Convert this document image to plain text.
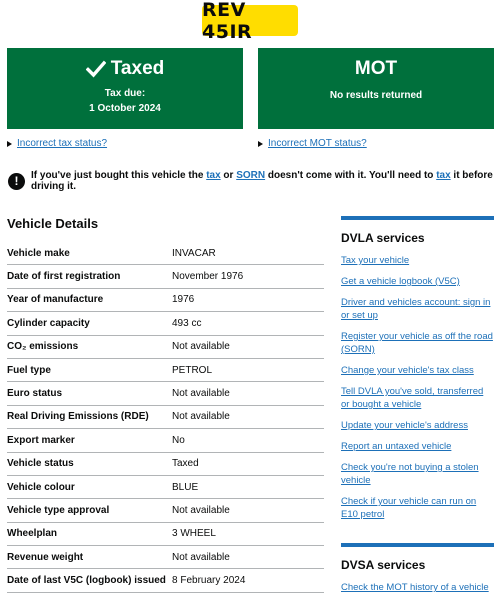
REV 45IR
Taxed
Tax due:
1 October 2024
MOT
No results returned
Incorrect tax status?	Incorrect MOT status?
!	If you've just bought this vehicle the tax or SORN doesn't come with it. You'll need to tax it before driving it.
Vehicle Details
Vehicle make	INVACAR
Date of first registration	November 1976
Year of manufacture	1976
Cylinder capacity	493 cc
CO₂ emissions	Not available
Fuel type	PETROL
Euro status	Not available
Real Driving Emissions (RDE)	Not available
Export marker	No
Vehicle status	Taxed
Vehicle colour	BLUE
Vehicle type approval	Not available
Wheelplan	3 WHEEL
Revenue weight	Not available
Date of last V5C (logbook) issued	8 February 2024
DVLA services
Tax your vehicle
Get a vehicle logbook (V5C)
Driver and vehicles account: sign in or set up
Register your vehicle as off the road (SORN)
Change your vehicle's tax class
Tell DVLA you've sold, transferred or bought a vehicle
Update your vehicle's address
Report an untaxed vehicle
Check you're not buying a stolen vehicle
Check if your vehicle can run on E10 petrol
DVSA services
Check the MOT history of a vehicle
